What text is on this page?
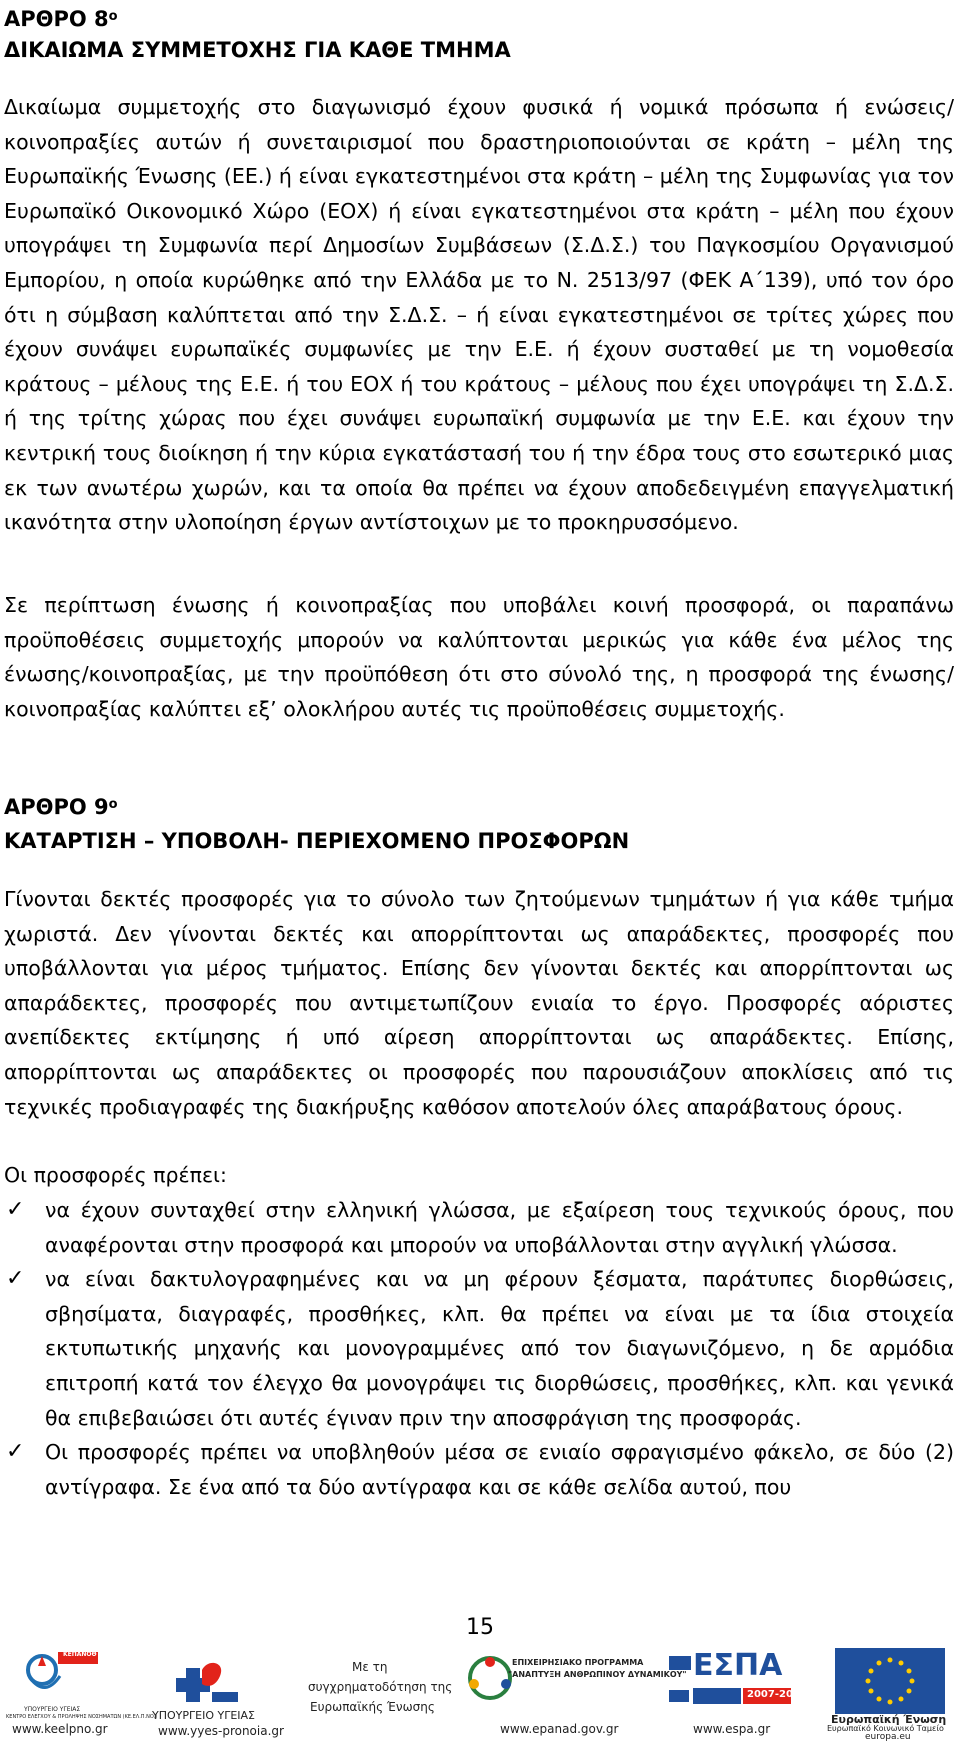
ΑΡΘΡΟ $8^o$
ΔΙΚΑΙΩΜΑ ΣΥΜΜΕΤΟΧΗΣ ΓΙΑ ΚΑΘΕ ΤΜΗΜΑ

Δικαίωμα συμμετοχής στο διαγωνισμό έχουν φυσικά ή νομικά πρόσωπα ή ενώσεις/κοινοπραξίες αυτών ή συνεταιρισμοί που δραστηριοποιούνται σε κράτη – μέλη της Ευρωπαϊκής Ένωσης (ΕΕ.) ή είναι εγκατεστημένοι στα κράτη – μέλη της Συμφωνίας για τον Ευρωπαϊκό Οικονομικό Χώρο (ΕΟΧ) ή είναι εγκατεστημένοι στα κράτη – μέλη που έχουν υπογράψει τη Συμφωνία περί Δημοσίων Συμβάσεων (Σ.Δ.Σ.) του Παγκοσμίου Οργανισμού Εμπορίου, η οποία κυρώθηκε από την Ελλάδα με το Ν. 2513/97 (ΦΕΚ Α΄139), υπό τον όρο ότι η σύμβαση καλύπτεται από την Σ.Δ.Σ. – ή είναι εγκατεστημένοι σε τρίτες χώρες που έχουν συνάψει ευρωπαϊκές συμφωνίες με την Ε.Ε. ή έχουν συσταθεί με τη νομοθεσία κράτους – μέλους της Ε.Ε. ή του ΕΟΧ ή του κράτους – μέλους που έχει υπογράψει τη Σ.Δ.Σ. ή της τρίτης χώρας που έχει συνάψει ευρωπαϊκή συμφωνία με την Ε.Ε. και έχουν την κεντρική τους διοίκηση ή την κύρια εγκατάστασή του ή την έδρα τους στο εσωτερικό μιας εκ των ανωτέρω χωρών, και τα οποία θα πρέπει να έχουν αποδεδειγμένη επαγγελματική ικανότητα στην υλοποίηση έργων αντίστοιχων με το προκηρυσσόμενο.

Σε περίπτωση ένωσης ή κοινοπραξίας που υποβάλει κοινή προσφορά, οι παραπάνω προϋποθέσεις συμμετοχής μπορούν να καλύπτονται μερικώς για κάθε ένα μέλος της ένωσης/κοινοπραξίας, με την προϋπόθεση ότι στο σύνολό της, η προσφορά της ένωσης/κοινοπραξίας καλύπτει εξ’ ολοκλήρου αυτές τις προϋποθέσεις συμμετοχής.

ΑΡΘΡΟ $9^o$
ΚΑΤΑΡΤΙΣΗ – ΥΠΟΒΟΛΗ- ΠΕΡΙΕΧΟΜΕΝΟ ΠΡΟΣΦΟΡΩΝ

Γίνονται δεκτές προσφορές για το σύνολο των ζητούμενων τμημάτων ή για κάθε τμήμα χωριστά. Δεν γίνονται δεκτές και απορρίπτονται ως απαράδεκτες, προσφορές που υποβάλλονται για μέρος τμήματος. Επίσης δεν γίνονται δεκτές και απορρίπτονται ως απαράδεκτες, προσφορές που αντιμετωπίζουν ενιαία το έργο. Προσφορές αόριστες ανεπίδεκτες εκτίμησης ή υπό αίρεση απορρίπτονται ως απαράδεκτες. Επίσης, απορρίπτονται ως απαράδεκτες οι προσφορές που παρουσιάζουν αποκλίσεις από τις τεχνικές προδιαγραφές της διακήρυξης καθόσον αποτελούν όλες απαράβατους όρους.

Οι προσφορές πρέπει:

✓ να έχουν συνταχθεί στην ελληνική γλώσσα, με εξαίρεση τους τεχνικούς όρους, που αναφέρονται στην προσφορά και μπορούν να υποβάλλονται στην αγγλική γλώσσα.
✓ να είναι δακτυλογραφημένες και να μη φέρουν ξέσματα, παράτυπες διορθώσεις, σβησίματα, διαγραφές, προσθήκες, κλπ. θα πρέπει να είναι με τα ίδια στοιχεία εκτυπωτικής μηχανής και μονογραμμένες από τον διαγωνιζόμενο, η δε αρμόδια επιτροπή κατά τον έλεγχο θα μονογράψει τις διορθώσεις, προσθήκες, κλπ. και γενικά θα επιβεβαιώσει ότι αυτές έγιναν πριν την αποσφράγιση της προσφοράς.
✓ Οι προσφορές πρέπει να υποβληθούν μέσα σε ενιαίο σφραγισμένο φάκελο, σε δύο (2) αντίγραφα. Σε ένα από τα δύο αντίγραφα και σε κάθε σελίδα αυτού, που
15
ΚΕΠΑΝΟΘ
ΥΠΟΥΡΓΕΙΟ ΥΓΕΙΑΣ
ΚΕΝΤΡΟ ΕΛΕΓΧΟΥ & ΠΡΟΛΗΨΗΣ ΝΟΣΗΜΑΤΩΝ (ΚΕ.ΕΛ.Π.ΝΟ.)
www.keelpno.gr
ΥΠΟΥΡΓΕΙΟ ΥΓΕΙΑΣ
www.yyes-pronoia.gr
Με τη
συγχρηματοδότηση της
Ευρωπαϊκής Ένωσης
ΕΠΙΧΕΙΡΗΣΙΑΚΟ ΠΡΟΓΡΑΜΜΑ
"ΑΝΑΠΤΥΞΗ ΑΝΘΡΩΠΙΝΟΥ ΔΥΝΑΜΙΚΟΥ"
www.epanad.gov.gr
ΕΣΠΑ
2007-2013
www.espa.gr
Ευρωπαϊκή Ένωση
Ευρωπαϊκό Κοινωνικό Ταμείο
europa.eu
